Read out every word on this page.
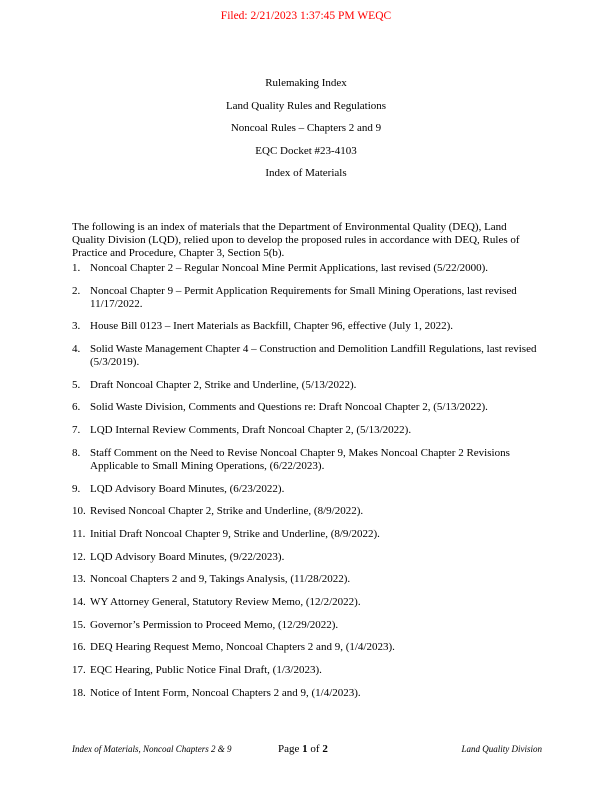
Filed: 2/21/2023 1:37:45 PM WEQC
Rulemaking Index
Land Quality Rules and Regulations
Noncoal Rules – Chapters 2 and 9
EQC Docket #23-4103
Index of Materials

The following is an index of materials that the Department of Environmental Quality (DEQ), Land Quality Division (LQD), relied upon to develop the proposed rules in accordance with DEQ, Rules of Practice and Procedure, Chapter 3, Section 5(b).

1. Noncoal Chapter 2 – Regular Noncoal Mine Permit Applications, last revised (5/22/2000).
2. Noncoal Chapter 9 – Permit Application Requirements for Small Mining Operations, last revised 11/17/2022.
3. House Bill 0123 – Inert Materials as Backfill, Chapter 96, effective (July 1, 2022).
4. Solid Waste Management Chapter 4 – Construction and Demolition Landfill Regulations, last revised (5/3/2019).
5. Draft Noncoal Chapter 2, Strike and Underline, (5/13/2022).
6. Solid Waste Division, Comments and Questions re: Draft Noncoal Chapter 2, (5/13/2022).
7. LQD Internal Review Comments, Draft Noncoal Chapter 2, (5/13/2022).
8. Staff Comment on the Need to Revise Noncoal Chapter 9, Makes Noncoal Chapter 2 Revisions Applicable to Small Mining Operations, (6/22/2023).
9. LQD Advisory Board Minutes, (6/23/2022).
10. Revised Noncoal Chapter 2, Strike and Underline, (8/9/2022).
11. Initial Draft Noncoal Chapter 9, Strike and Underline, (8/9/2022).
12. LQD Advisory Board Minutes, (9/22/2023).
13. Noncoal Chapters 2 and 9, Takings Analysis, (11/28/2022).
14. WY Attorney General, Statutory Review Memo, (12/2/2022).
15. Governor’s Permission to Proceed Memo, (12/29/2022).
16. DEQ Hearing Request Memo, Noncoal Chapters 2 and 9, (1/4/2023).
17. EQC Hearing, Public Notice Final Draft, (1/3/2023).
18. Notice of Intent Form, Noncoal Chapters 2 and 9, (1/4/2023).
Index of Materials, Noncoal Chapters 2 & 9	Page 1 of 2	Land Quality Division
